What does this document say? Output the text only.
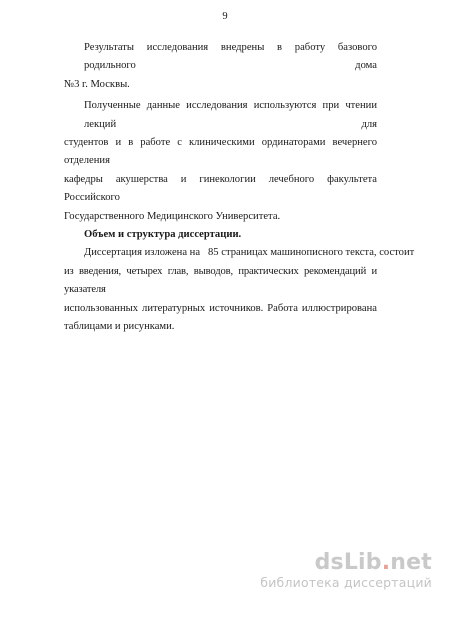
9
Результаты исследования внедрены в работу базового родильного дома
№3 г. Москвы.
Полученные данные исследования используются при чтении лекций для
студентов и в работе с клиническими ординаторами вечернего отделения
кафедры акушерства и гинекологии лечебного факультета Российского
Государственного Медицинского Университета.
Объем и структура диссертации.
Диссертация изложена на   85 страницах машинописного текста, состоит
из введения, четырех глав, выводов, практических рекомендаций и указателя
использованных литературных источников. Работа иллюстрирована
таблицами и рисунками.
dsLib.net
библиотека диссертаций
